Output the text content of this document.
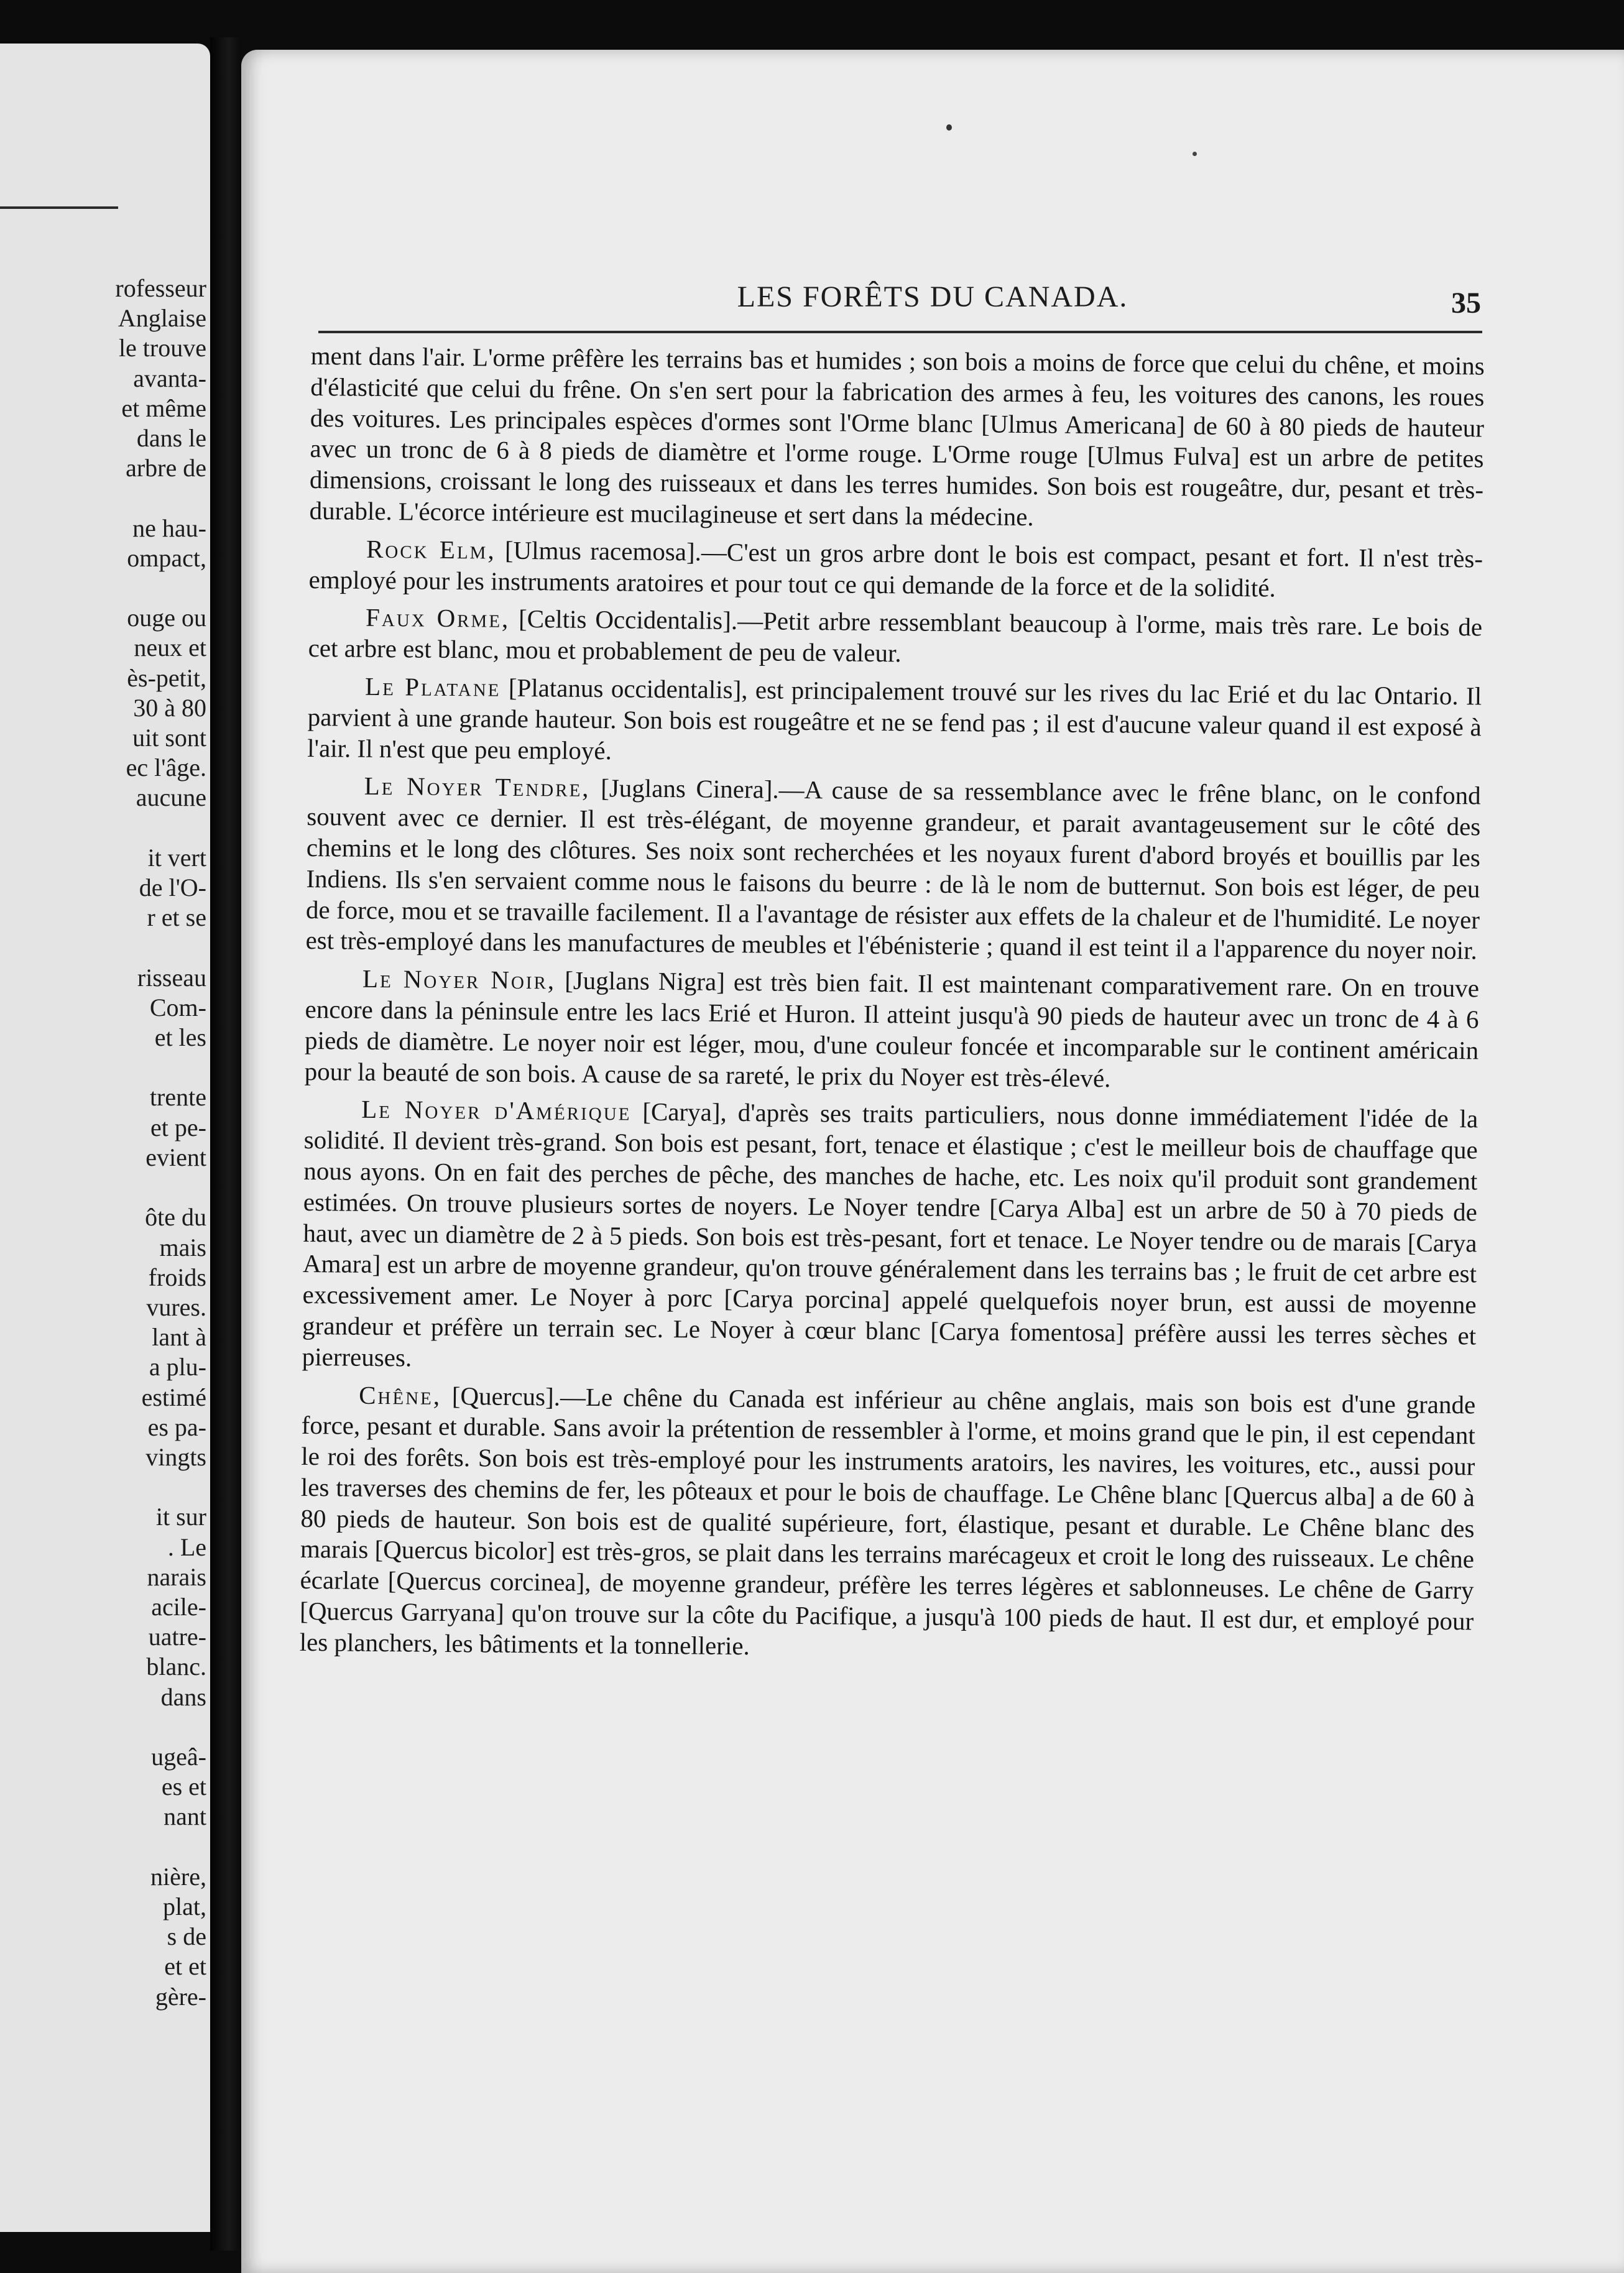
rofesseur
Anglaise
le trouve
avanta-
et même
dans le
arbre de

ne hau-
ompact,

ouge ou
neux et
ès-petit,
30 à 80
uit sont
ec l'âge.
aucune

it vert
de l'O-
r et se

risseau
Com-
et les

trente
et pe-
evient

ôte du
mais
froids
vures.
lant à
a plu-
estimé
es pa-
vingts

it sur
. Le
narais
acile-
uatre-
blanc.
dans

ugeâ-
es et
nant

nière,
plat,
s de
et et
gère-
LES FORÊTS DU CANADA.	35

ment dans l'air. L'orme prêfère les terrains bas et humides ; son bois a moins de force que celui du chêne, et moins d'élasticité que celui du frêne. On s'en sert pour la fabrication des armes à feu, les voitures des canons, les roues des voitures. Les principales espèces d'ormes sont l'Orme blanc [Ulmus Americana] de 60 à 80 pieds de hauteur avec un tronc de 6 à 8 pieds de diamètre et l'orme rouge. L'Orme rouge [Ulmus Fulva] est un arbre de petites dimensions, croissant le long des ruisseaux et dans les terres humides. Son bois est rougeâtre, dur, pesant et très-durable. L'écorce intérieure est mucilagineuse et sert dans la médecine.

Rock Elm, [Ulmus racemosa].—C'est un gros arbre dont le bois est compact, pesant et fort. Il n'est très-employé pour les instruments aratoires et pour tout ce qui demande de la force et de la solidité.

Faux Orme, [Celtis Occidentalis].—Petit arbre ressemblant beaucoup à l'orme, mais très rare. Le bois de cet arbre est blanc, mou et probablement de peu de valeur.

Le Platane [Platanus occidentalis], est principalement trouvé sur les rives du lac Erié et du lac Ontario. Il parvient à une grande hauteur. Son bois est rougeâtre et ne se fend pas ; il est d'aucune valeur quand il est exposé à l'air. Il n'est que peu employé.

Le Noyer Tendre, [Juglans Cinera].—A cause de sa ressemblance avec le frêne blanc, on le confond souvent avec ce dernier. Il est très-élégant, de moyenne grandeur, et parait avantageusement sur le côté des chemins et le long des clôtures. Ses noix sont recherchées et les noyaux furent d'abord broyés et bouillis par les Indiens. Ils s'en servaient comme nous le faisons du beurre : de là le nom de butternut. Son bois est léger, de peu de force, mou et se travaille facilement. Il a l'avantage de résister aux effets de la chaleur et de l'humidité. Le noyer est très-employé dans les manufactures de meubles et l'ébénisterie ; quand il est teint il a l'apparence du noyer noir.

Le Noyer Noir, [Juglans Nigra] est très bien fait. Il est maintenant comparativement rare. On en trouve encore dans la péninsule entre les lacs Erié et Huron. Il atteint jusqu'à 90 pieds de hauteur avec un tronc de 4 à 6 pieds de diamètre. Le noyer noir est léger, mou, d'une couleur foncée et incomparable sur le continent américain pour la beauté de son bois. A cause de sa rareté, le prix du Noyer est très-élevé.

Le Noyer d'Amérique [Carya], d'après ses traits particuliers, nous donne immédiatement l'idée de la solidité. Il devient très-grand. Son bois est pesant, fort, tenace et élastique ; c'est le meilleur bois de chauffage que nous ayons. On en fait des perches de pêche, des manches de hache, etc. Les noix qu'il produit sont grandement estimées. On trouve plusieurs sortes de noyers. Le Noyer tendre [Carya Alba] est un arbre de 50 à 70 pieds de haut, avec un diamètre de 2 à 5 pieds. Son bois est très-pesant, fort et tenace. Le Noyer tendre ou de marais [Carya Amara] est un arbre de moyenne grandeur, qu'on trouve généralement dans les terrains bas ; le fruit de cet arbre est excessivement amer. Le Noyer à porc [Carya porcina] appelé quelquefois noyer brun, est aussi de moyenne grandeur et préfère un terrain sec. Le Noyer à cœur blanc [Carya fomentosa] préfère aussi les terres sèches et pierreuses.

Chêne, [Quercus].—Le chêne du Canada est inférieur au chêne anglais, mais son bois est d'une grande force, pesant et durable. Sans avoir la prétention de ressembler à l'orme, et moins grand que le pin, il est cependant le roi des forêts. Son bois est très-employé pour les instruments aratoirs, les navires, les voitures, etc., aussi pour les traverses des chemins de fer, les pôteaux et pour le bois de chauffage. Le Chêne blanc [Quercus alba] a de 60 à 80 pieds de hauteur. Son bois est de qualité supérieure, fort, élastique, pesant et durable. Le Chêne blanc des marais [Quercus bicolor] est très-gros, se plait dans les terrains marécageux et croit le long des ruisseaux. Le chêne écarlate [Quercus corcinea], de moyenne grandeur, préfère les terres légères et sablonneuses. Le chêne de Garry [Quercus Garryana] qu'on trouve sur la côte du Pacifique, a jusqu'à 100 pieds de haut. Il est dur, et employé pour les planchers, les bâtiments et la tonnellerie.
